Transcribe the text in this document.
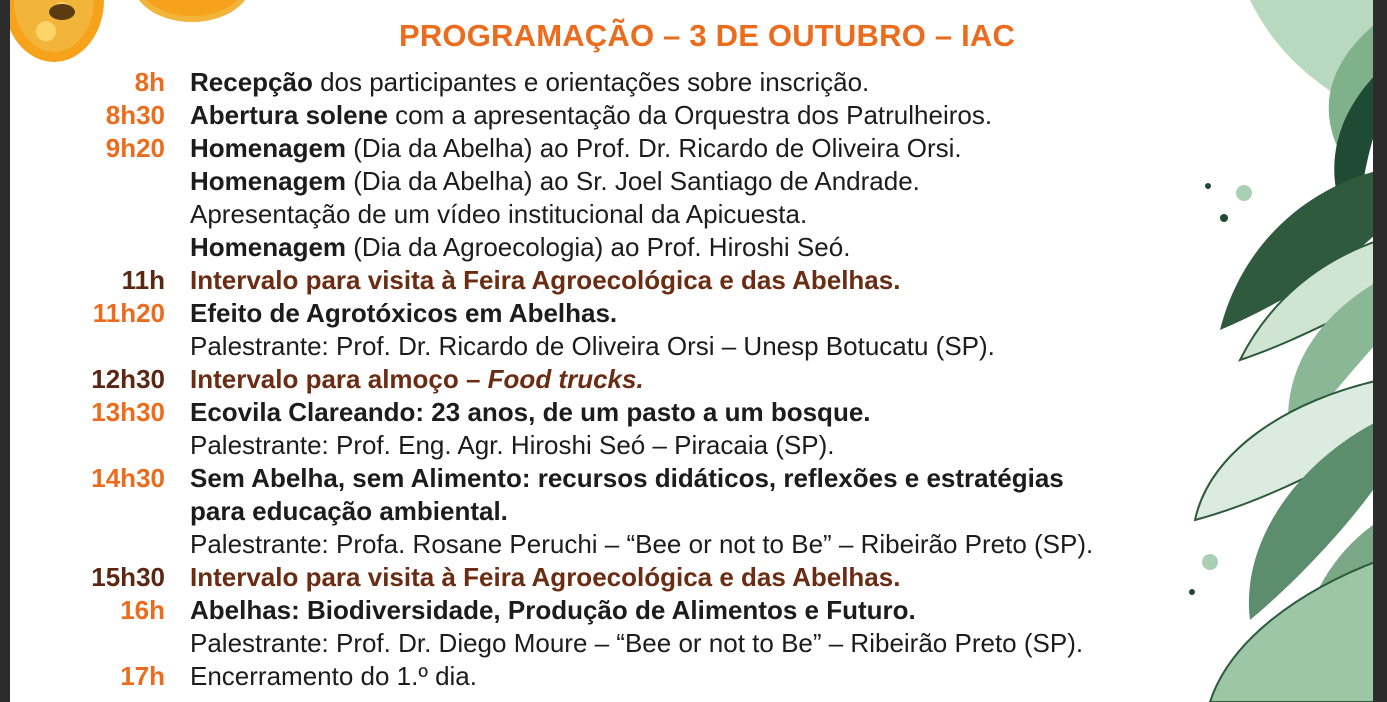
PROGRAMAÇÃO – 3 DE OUTUBRO – IAC
8h Recepção dos participantes e orientações sobre inscrição.
8h30 Abertura solene com a apresentação da Orquestra dos Patrulheiros.
9h20 Homenagem (Dia da Abelha) ao Prof. Dr. Ricardo de Oliveira Orsi.
Homenagem (Dia da Abelha) ao Sr. Joel Santiago de Andrade.
Apresentação de um vídeo institucional da Apicuesta.
Homenagem (Dia da Agroecologia) ao Prof. Hiroshi Seó.
11h Intervalo para visita à Feira Agroecológica e das Abelhas.
11h20 Efeito de Agrotóxicos em Abelhas.
Palestrante: Prof. Dr. Ricardo de Oliveira Orsi – Unesp Botucatu (SP).
12h30 Intervalo para almoço – Food trucks.
13h30 Ecovila Clareando: 23 anos, de um pasto a um bosque.
Palestrante: Prof. Eng. Agr. Hiroshi Seó – Piracaia (SP).
14h30 Sem Abelha, sem Alimento: recursos didáticos, reflexões e estratégias
para educação ambiental.
Palestrante: Profa. Rosane Peruchi – “Bee or not to Be” – Ribeirão Preto (SP).
15h30 Intervalo para visita à Feira Agroecológica e das Abelhas.
16h Abelhas: Biodiversidade, Produção de Alimentos e Futuro.
Palestrante: Prof. Dr. Diego Moure – “Bee or not to Be” – Ribeirão Preto (SP).
17h Encerramento do 1.º dia.
